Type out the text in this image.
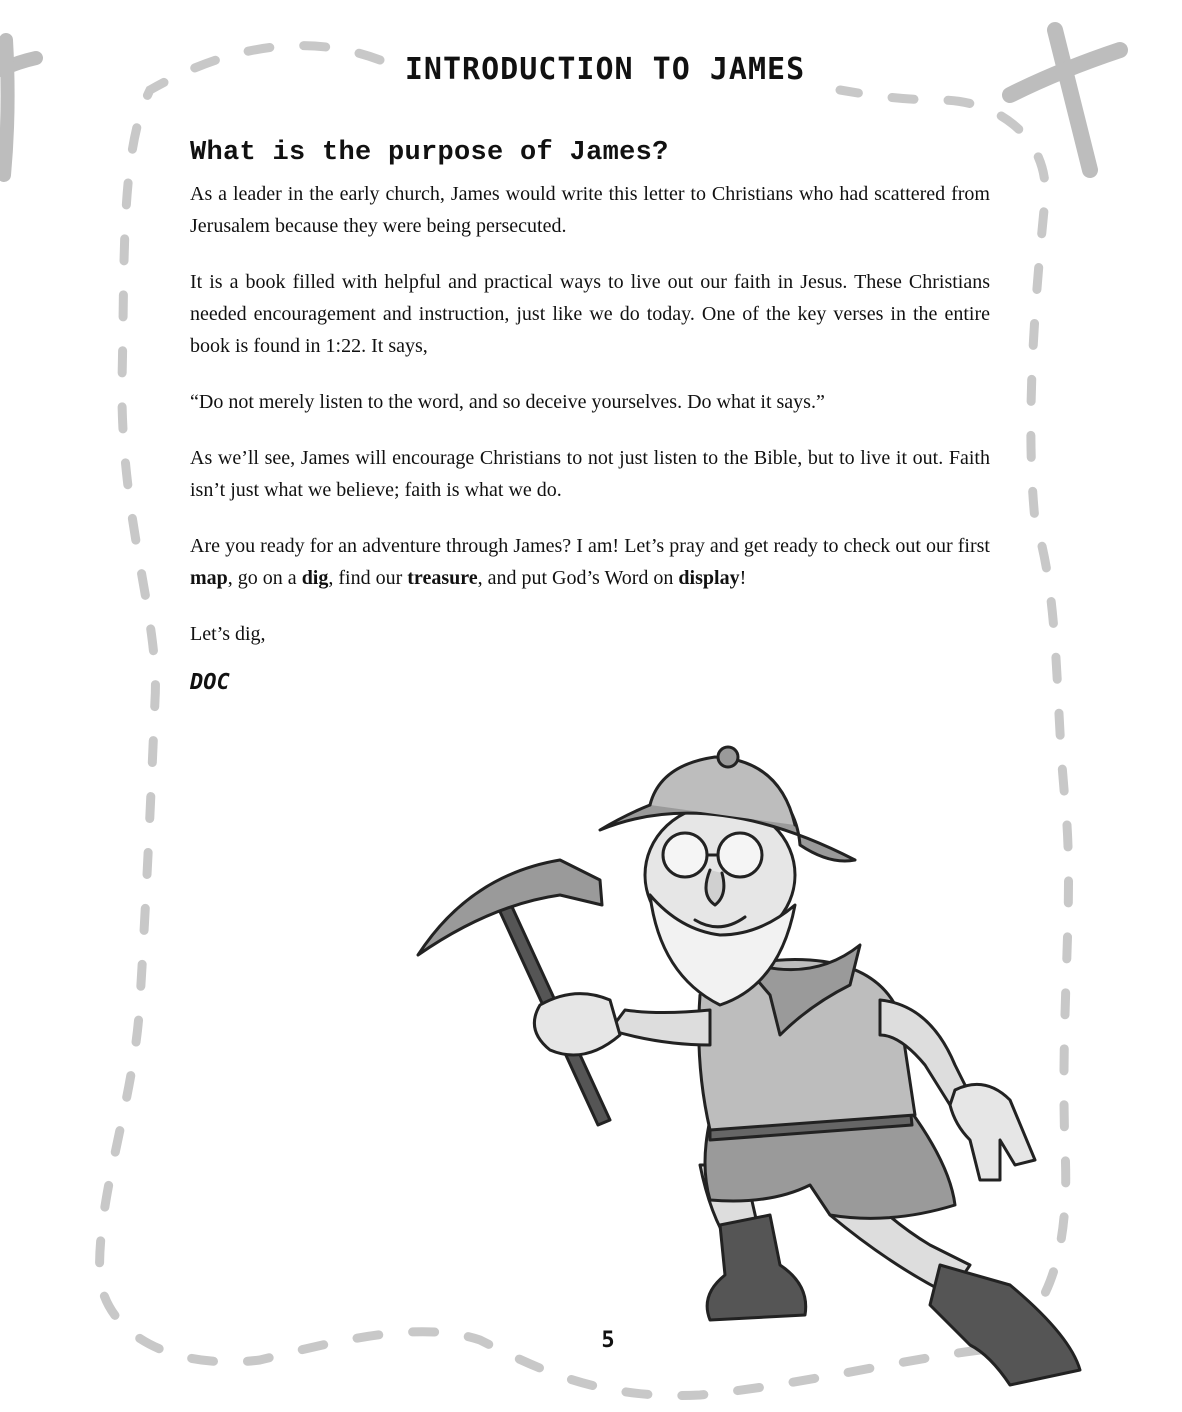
INTRODUCTION TO JAMES
What is the purpose of James?

As a leader in the early church, James would write this letter to Christians who had scattered from Jerusalem because they were being persecuted.

It is a book filled with helpful and practical ways to live out our faith in Jesus. These Christians needed encouragement and instruction, just like we do today. One of the key verses in the entire book is found in 1:22. It says,

“Do not merely listen to the word, and so deceive yourselves. Do what it says.”

As we’ll see, James will encourage Christians to not just listen to the Bible, but to live it out. Faith isn’t just what we believe; faith is what we do.

Are you ready for an adventure through James? I am! Let’s pray and get ready to check out our first map, go on a dig, find our treasure, and put God’s Word on display!

Let’s dig,

DOC
5
